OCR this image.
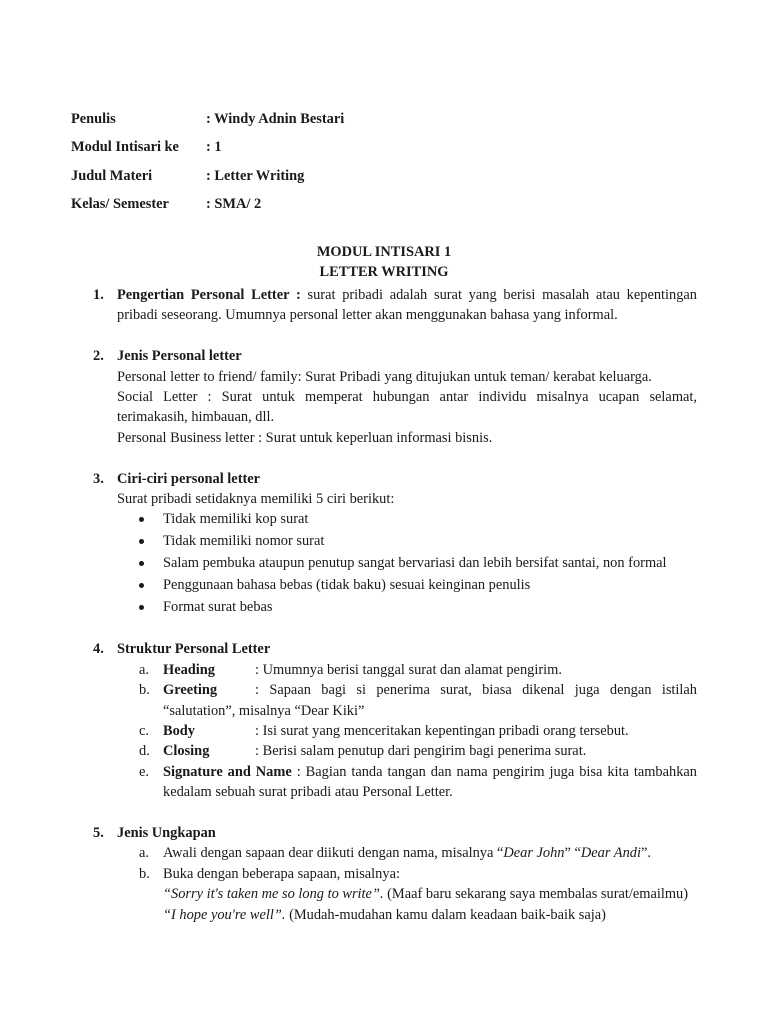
Penulis	: Windy Adnin Bestari
Modul Intisari ke : 1
Judul Materi	: Letter Writing
Kelas/ Semester	: SMA/ 2
MODUL INTISARI 1
LETTER WRITING
1. Pengertian Personal Letter : surat pribadi adalah surat yang berisi masalah atau kepentingan pribadi seseorang. Umumnya personal letter akan menggunakan bahasa yang informal.
2. Jenis Personal letter
Personal letter to friend/ family: Surat Pribadi yang ditujukan untuk teman/ kerabat keluarga.
Social Letter : Surat untuk memperat hubungan antar individu misalnya ucapan selamat, terimakasih, himbauan, dll.
Personal Business letter : Surat untuk keperluan informasi bisnis.
3. Ciri-ciri personal letter
Surat pribadi setidaknya memiliki 5 ciri berikut:
Tidak memiliki kop surat
Tidak memiliki nomor surat
Salam pembuka ataupun penutup sangat bervariasi dan lebih bersifat santai, non formal
Penggunaan bahasa bebas (tidak baku) sesuai keinginan penulis
Format surat bebas
4. Struktur Personal Letter
a. Heading	: Umumnya berisi tanggal surat dan alamat pengirim.
b. Greeting	: Sapaan bagi si penerima surat, biasa dikenal juga dengan istilah “salutation”, misalnya “Dear Kiki”
c. Body	: Isi surat yang menceritakan kepentingan pribadi orang tersebut.
d. Closing	: Berisi salam penutup dari pengirim bagi penerima surat.
e. Signature and Name : Bagian tanda tangan dan nama pengirim juga bisa kita tambahkan kedalam sebuah surat pribadi atau Personal Letter.
5. Jenis Ungkapan
a. Awali dengan sapaan dear diikuti dengan nama, misalnya “Dear John” “Dear Andi”.
b. Buka dengan beberapa sapaan, misalnya:
“Sorry it's taken me so long to write”. (Maaf baru sekarang saya membalas surat/emailmu)
“I hope you're well”. (Mudah-mudahan kamu dalam keadaan baik-baik saja)
